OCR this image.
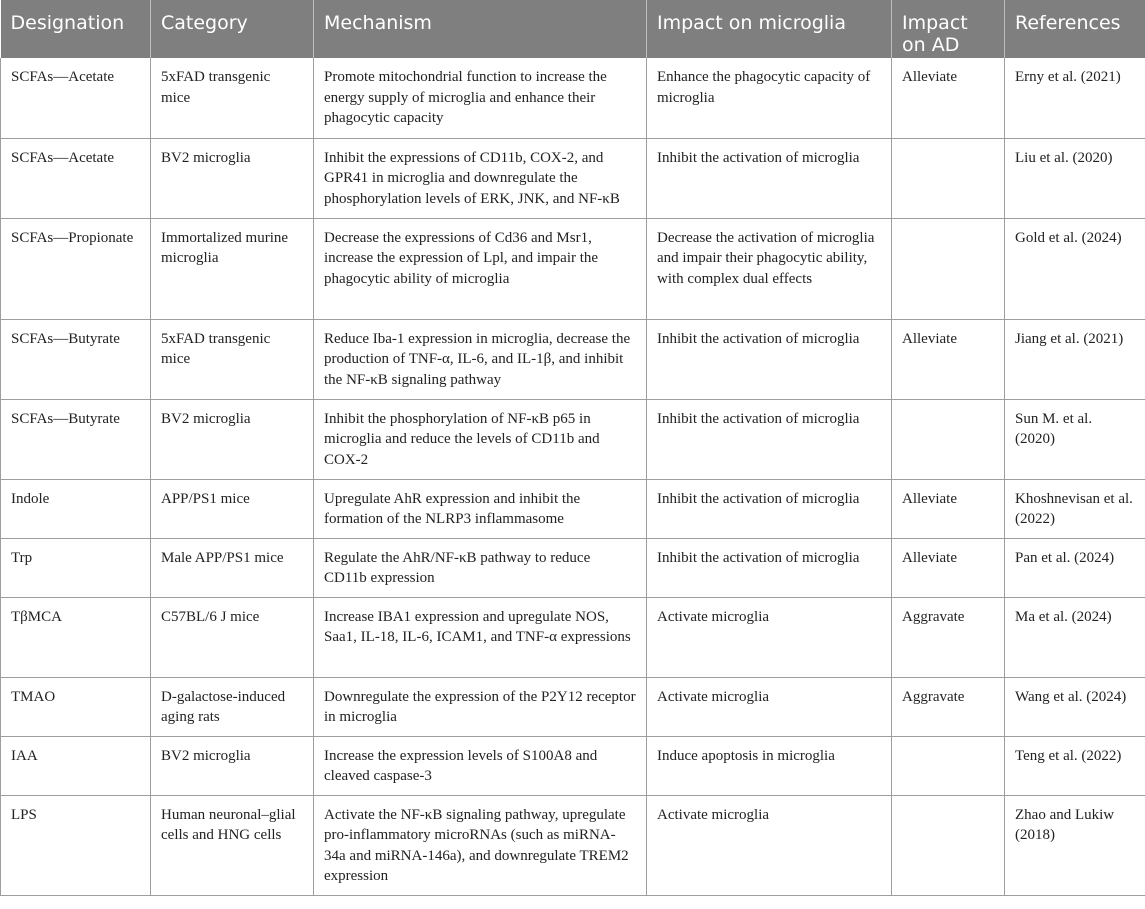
Designation	Category	Mechanism	Impact on microglia	Impact on AD	References
SCFAs—Acetate	5xFAD transgenic mice	Promote mitochondrial function to increase the energy supply of microglia and enhance their phagocytic capacity	Enhance the phagocytic capacity of microglia	Alleviate	Erny et al. (2021)
SCFAs—Acetate	BV2 microglia	Inhibit the expressions of CD11b, COX-2, and GPR41 in microglia and downregulate the phosphorylation levels of ERK, JNK, and NF-κB	Inhibit the activation of microglia		Liu et al. (2020)
SCFAs—Propionate	Immortalized murine microglia	Decrease the expressions of Cd36 and Msr1, increase the expression of Lpl, and impair the phagocytic ability of microglia	Decrease the activation of microglia and impair their phagocytic ability, with complex dual effects		Gold et al. (2024)
SCFAs—Butyrate	5xFAD transgenic mice	Reduce Iba-1 expression in microglia, decrease the production of TNF-α, IL-6, and IL-1β, and inhibit the NF-κB signaling pathway	Inhibit the activation of microglia	Alleviate	Jiang et al. (2021)
SCFAs—Butyrate	BV2 microglia	Inhibit the phosphorylation of NF-κB p65 in microglia and reduce the levels of CD11b and COX-2	Inhibit the activation of microglia		Sun M. et al. (2020)
Indole	APP/PS1 mice	Upregulate AhR expression and inhibit the formation of the NLRP3 inflammasome	Inhibit the activation of microglia	Alleviate	Khoshnevisan et al. (2022)
Trp	Male APP/PS1 mice	Regulate the AhR/NF-κB pathway to reduce CD11b expression	Inhibit the activation of microglia	Alleviate	Pan et al. (2024)
TβMCA	C57BL/6 J mice	Increase IBA1 expression and upregulate NOS, Saa1, IL-18, IL-6, ICAM1, and TNF-α expressions	Activate microglia	Aggravate	Ma et al. (2024)
TMAO	D-galactose-induced aging rats	Downregulate the expression of the P2Y12 receptor in microglia	Activate microglia	Aggravate	Wang et al. (2024)
IAA	BV2 microglia	Increase the expression levels of S100A8 and cleaved caspase-3	Induce apoptosis in microglia		Teng et al. (2022)
LPS	Human neuronal–glial cells and HNG cells	Activate the NF-κB signaling pathway, upregulate pro-inflammatory microRNAs (such as miRNA-34a and miRNA-146a), and downregulate TREM2 expression	Activate microglia		Zhao and Lukiw (2018)
